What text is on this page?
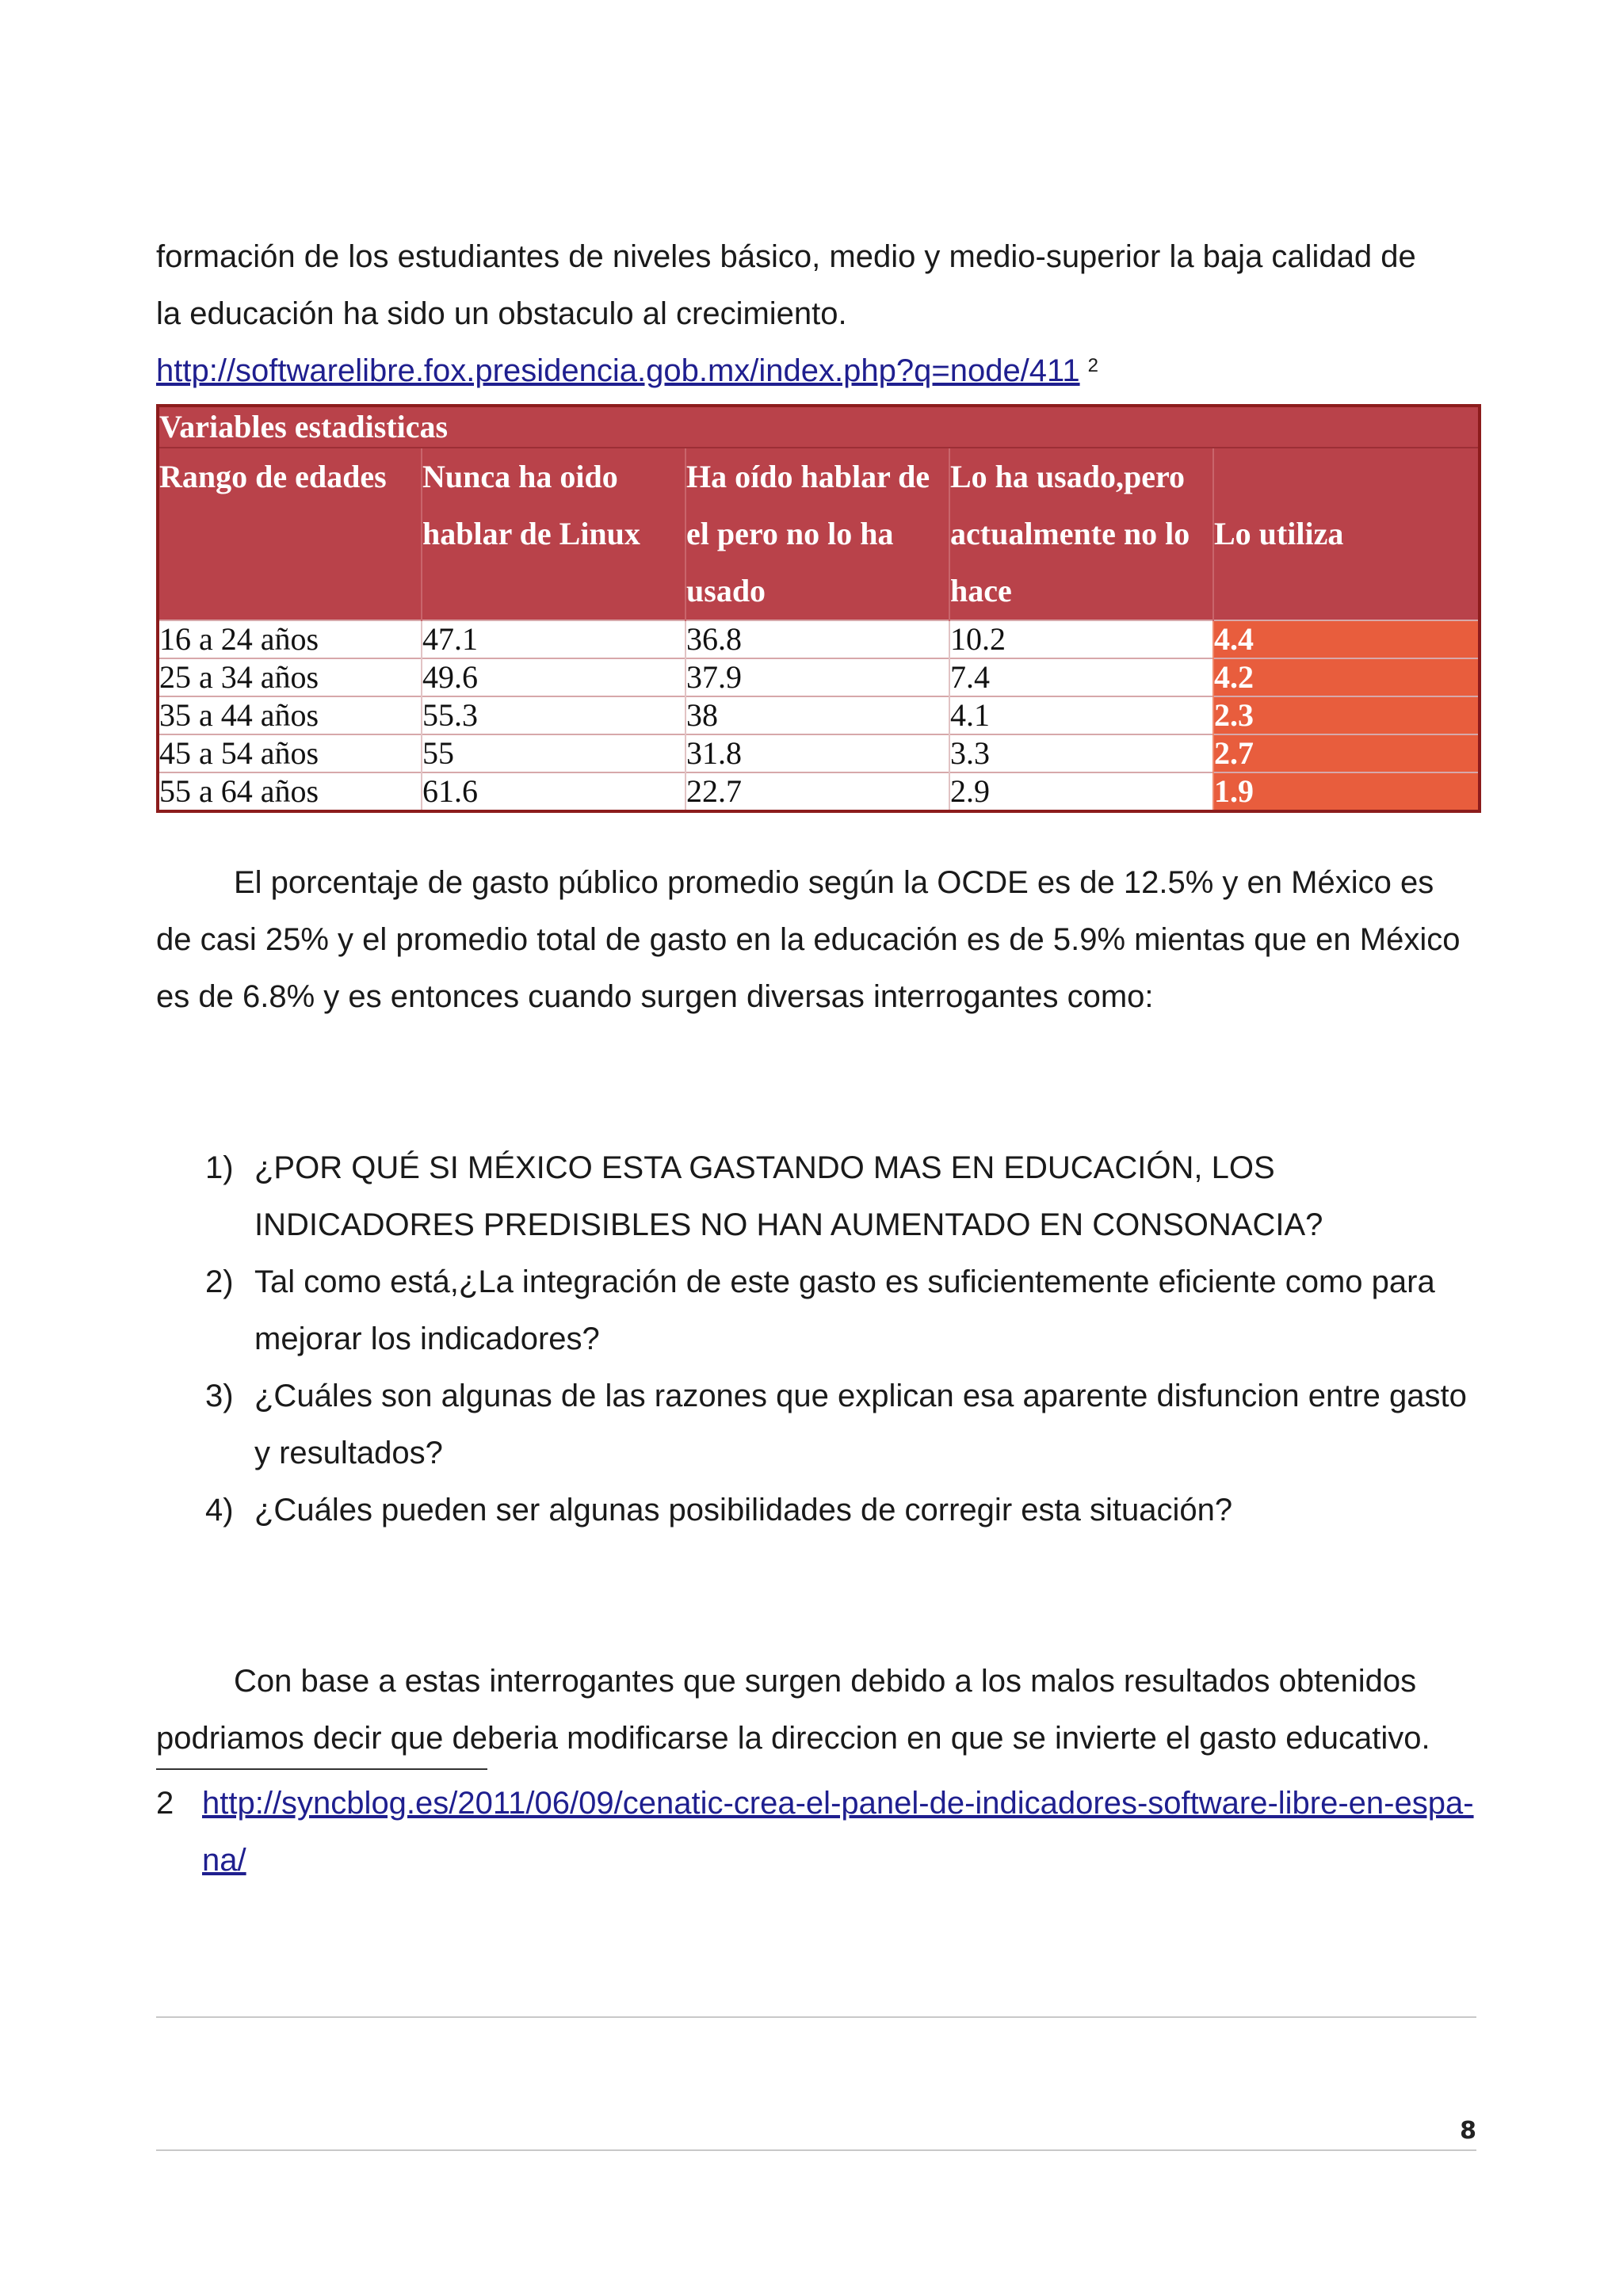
formación de los estudiantes de niveles básico, medio y medio-superior la baja calidad de

la educación ha sido un obstaculo al crecimiento.

http://softwarelibre.fox.presidencia.gob.mx/index.php?q=node/411 $^2$

Variables estadisticas				
Rango de edades	Nunca ha oido hablar de Linux	Ha oído hablar de el pero no lo ha usado	Lo ha usado,pero actualmente no lo hace	Lo utiliza
16 a 24 años	47.1	36.8	10.2	4.4
25 a 34 años	49.6	37.9	7.4	4.2
35 a 44 años	55.3	38	4.1	2.3
45 a 54 años	55	31.8	3.3	2.7
55 a 64 años	61.6	22.7	2.9	1.9

El porcentaje de gasto público promedio según la OCDE es de 12.5% y en México es de casi 25% y el promedio total de gasto en la educación es de 5.9% mientas que en México es de 6.8% y es entonces cuando surgen diversas interrogantes como:

1) ¿POR QUÉ SI MÉXICO ESTA GASTANDO MAS EN EDUCACIÓN, LOS INDICADORES PREDISIBLES NO HAN AUMENTADO EN CONSONACIA?
2) Tal como está,¿La integración de este gasto es suficientemente eficiente como para mejorar los indicadores?
3) ¿Cuáles son algunas de las razones que explican esa aparente disfuncion entre gasto y resultados?
4) ¿Cuáles pueden ser algunas posibilidades de corregir esta situación?

Con base a estas interrogantes que surgen debido a los malos resultados obtenidos podriamos decir que deberia modificarse la direccion en que se invierte el gasto educativo.

2 http://syncblog.es/2011/06/09/cenatic-crea-el-panel-de-indicadores-software-libre-en-espa-na/
8
